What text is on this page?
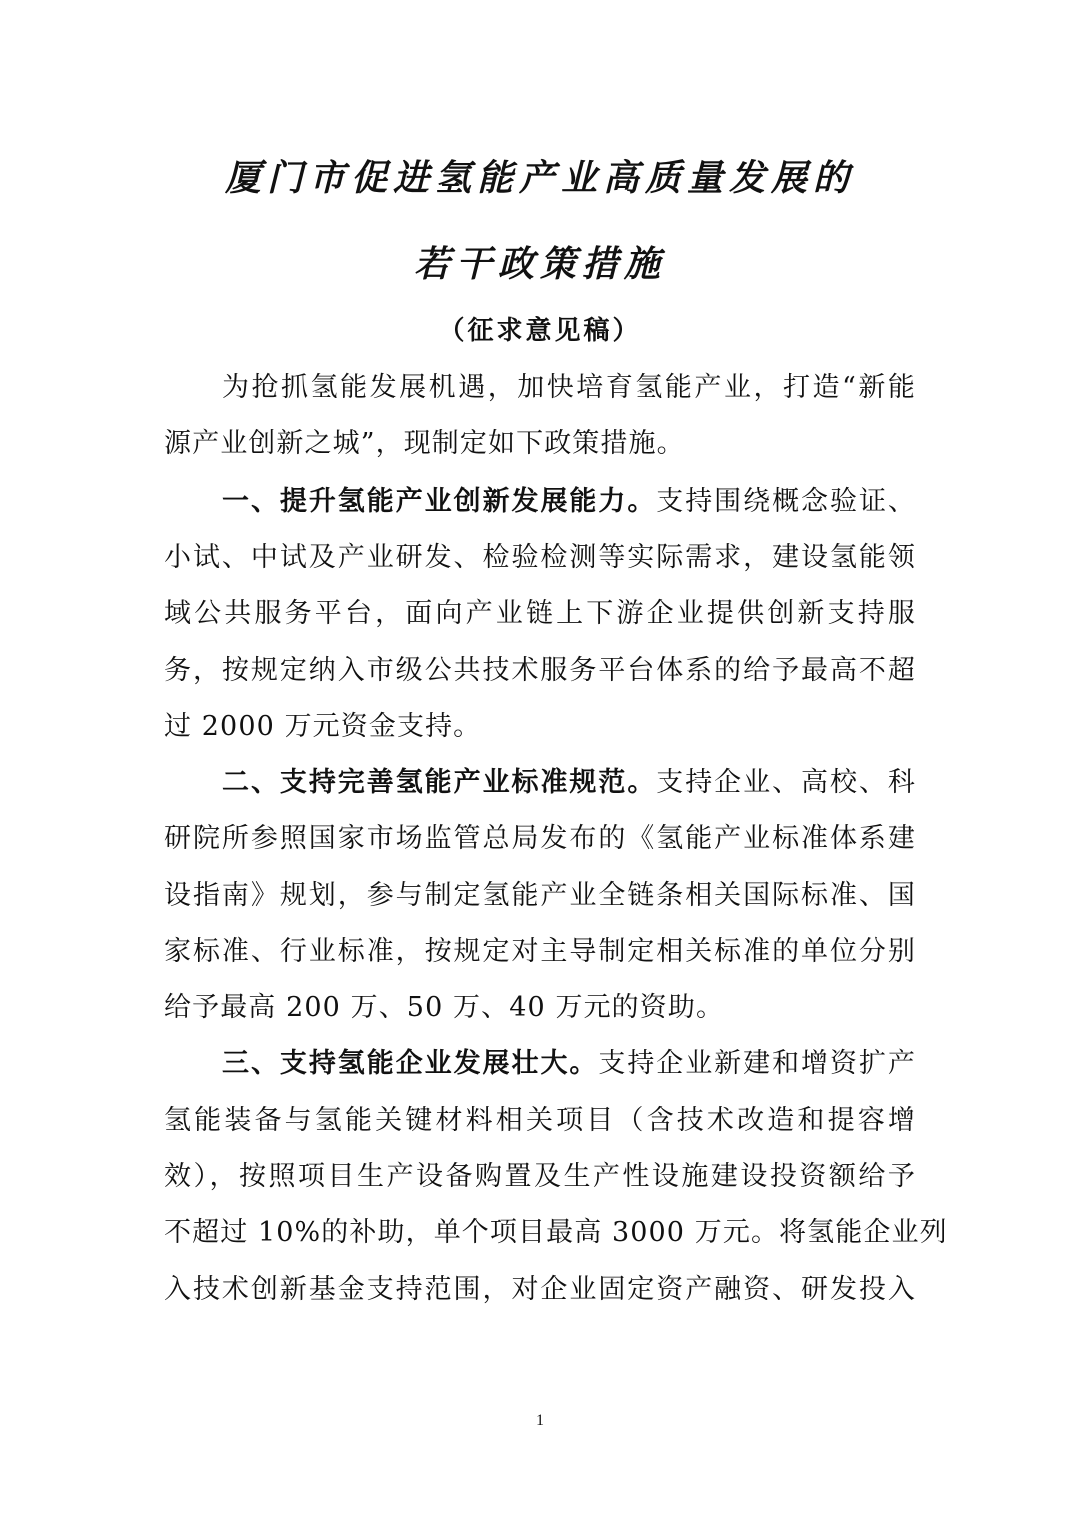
厦门市促进氢能产业高质量发展的
若干政策措施
（征求意见稿）
为抢抓氢能发展机遇，加快培育氢能产业，打造“新能
源产业创新之城”，现制定如下政策措施。
一、提升氢能产业创新发展能力。支持围绕概念验证、
小试、中试及产业研发、检验检测等实际需求，建设氢能领
域公共服务平台，面向产业链上下游企业提供创新支持服
务，按规定纳入市级公共技术服务平台体系的给予最高不超
过 2000 万元资金支持。
二、支持完善氢能产业标准规范。支持企业、高校、科
研院所参照国家市场监管总局发布的《氢能产业标准体系建
设指南》规划，参与制定氢能产业全链条相关国际标准、国
家标准、行业标准，按规定对主导制定相关标准的单位分别
给予最高 200 万、50 万、40 万元的资助。
三、支持氢能企业发展壮大。支持企业新建和增资扩产
氢能装备与氢能关键材料相关项目（含技术改造和提容增
效），按照项目生产设备购置及生产性设施建设投资额给予
不超过 10%的补助，单个项目最高 3000 万元。将氢能企业列
入技术创新基金支持范围，对企业固定资产融资、研发投入
1
